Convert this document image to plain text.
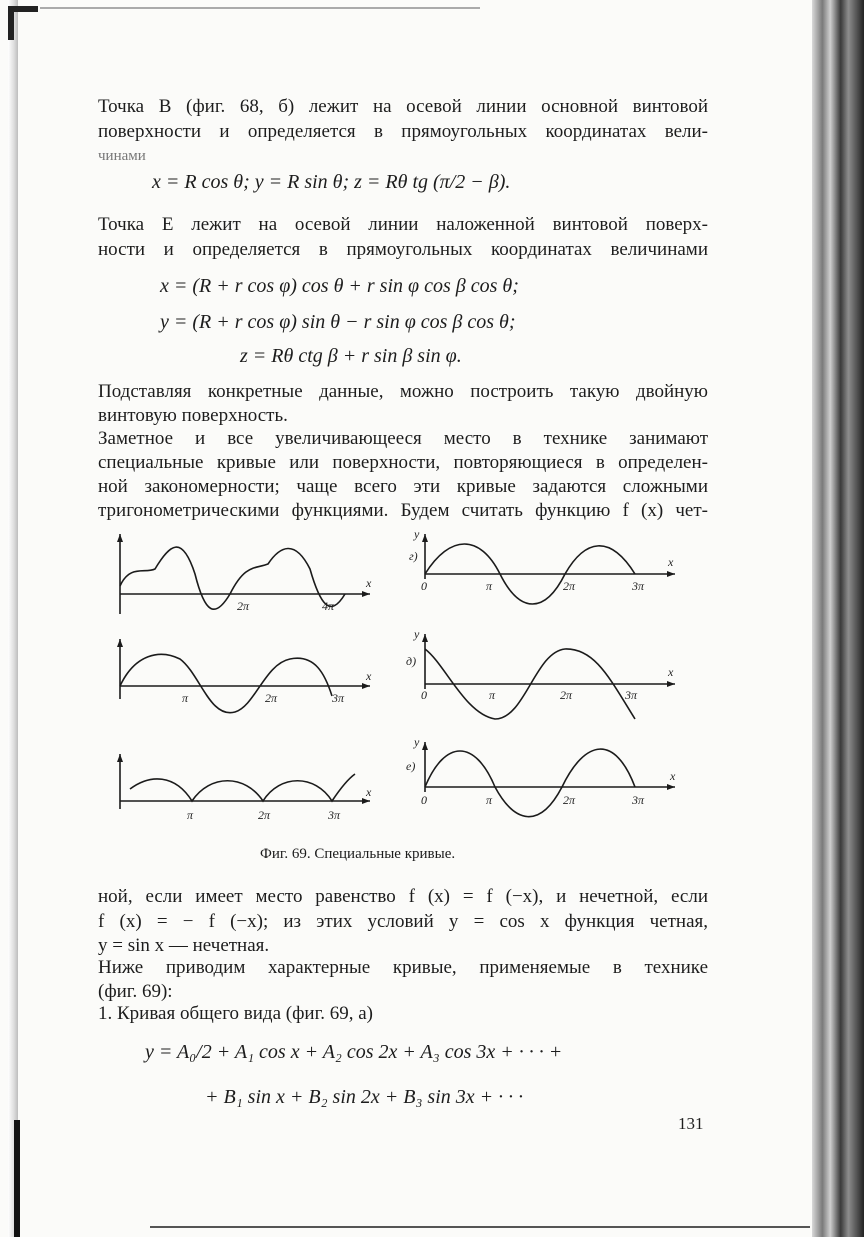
Точка B (фиг. 68, б) лежит на осевой линии основной винтовой
поверхности и определяется в прямоугольных координатах вели-
чинами
x = R cos θ; y = R sin θ; z = Rθ tg (π/2 − β).
Точка E лежит на осевой линии наложенной винтовой поверх-
ности и определяется в прямоугольных координатах величинами
x = (R + r cos φ) cos θ + r sin φ cos β cos θ;
y = (R + r cos φ) sin θ − r sin φ cos β cos θ;
z = Rθ ctg β + r sin β sin φ.
Подставляя конкретные данные, можно построить такую двойную
винтовую поверхность.
Заметное и все увеличивающееся место в технике занимают
специальные кривые или поверхности, повторяющиеся в определен-
ной закономерности; чаще всего эти кривые задаются сложными
тригонометрическими функциями. Будем считать функцию f (x) чет-
x
2π	4π
x
π	2π	3π
x
π	2π	3π
y
г)	x
0	π	2π	3π
y
д)
x
0	π	2π	3π
y
е)
x
0	π	2π	3π
Фиг. 69. Специальные кривые.
ной, если имеет место равенство f (x) = f (−x), и нечетной, если
f (x) = − f (−x); из этих условий y = cos x функция четная,
y = sin x — нечетная.
Ниже приводим характерные кривые, применяемые в технике
(фиг. 69):
1. Кривая общего вида (фиг. 69, а)
y = A₀/2 + A₁ cos x + A₂ cos 2x + A₃ cos 3x + · · · +
+ B₁ sin x + B₂ sin 2x + B₃ sin 3x + · · ·
131
